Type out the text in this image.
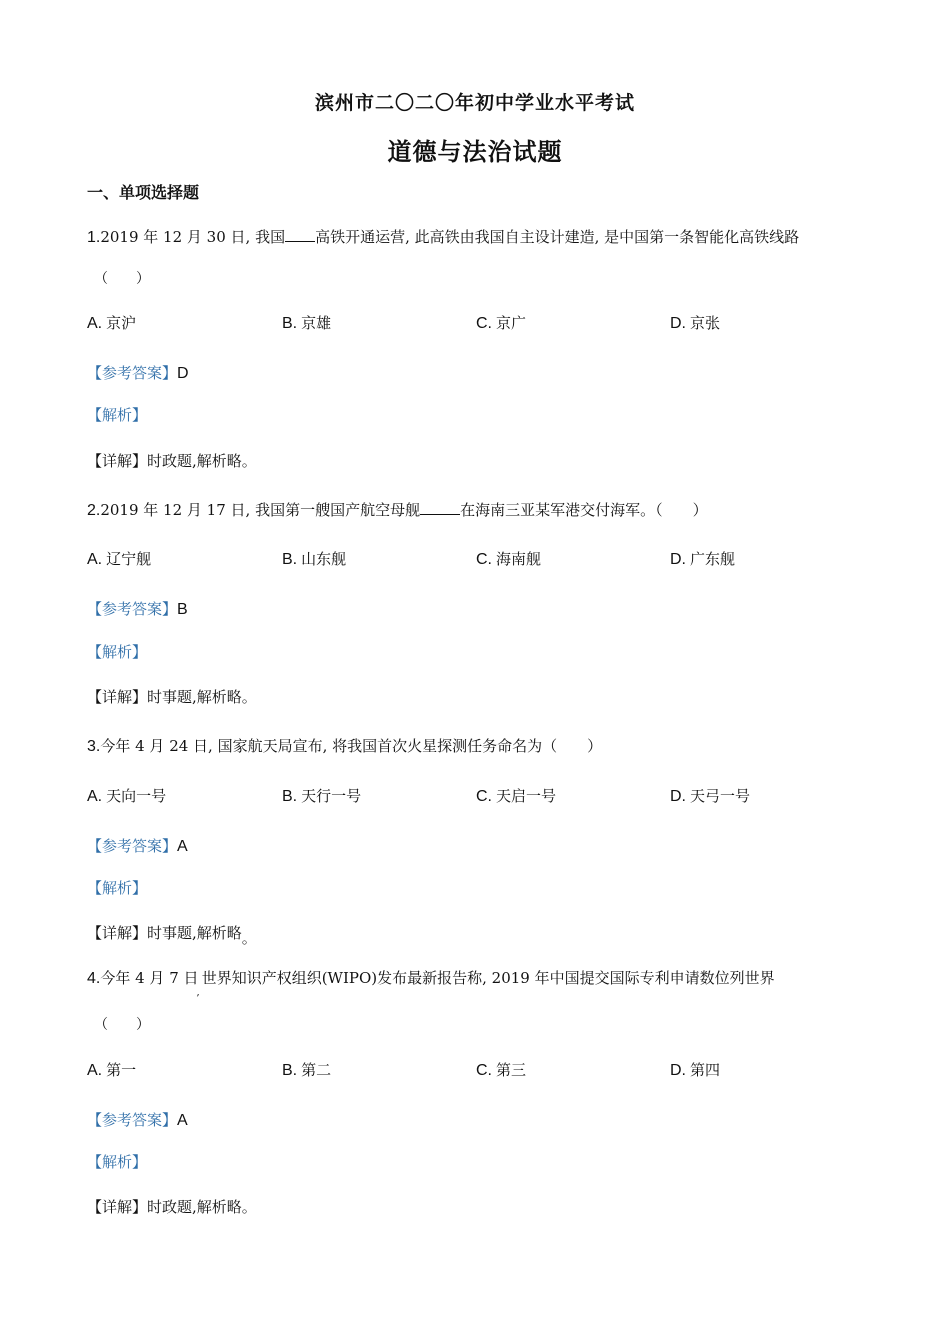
滨州市二〇二〇年初中学业水平考试
道德与法治试题
一、单项选择题
1.2019 年 12 月 30 日, 我国 高铁开通运营, 此高铁由我国自主设计建造, 是中国第一条智能化高铁线路
（　　）
A. 京沪	B. 京雄	C. 京广	D. 京张
【参考答案】D
【解析】
【详解】时政题,解析略。
2.2019 年 12 月 17 日, 我国第一艘国产航空母舰	在海南三亚某军港交付海军。（　　）
A. 辽宁舰	B. 山东舰	C. 海南舰	D. 广东舰
【参考答案】B
【解析】
【详解】时事题,解析略。
3.今年 4 月 24 日, 国家航天局宣布, 将我国首次火星探测任务命名为（　　）
A. 天向一号	B. 天行一号	C. 天启一号	D. 天弓一号
【参考答案】A
【解析】
【详解】时事题,解析略。
4.今年 4 月 7 日$_,$世界知识产权组织(WIPO)发布最新报告称, 2019 年中国提交国际专利申请数位列世界
（　　）
A. 第一	B. 第二	C. 第三	D. 第四
【参考答案】A
【解析】
【详解】时政题,解析略。
